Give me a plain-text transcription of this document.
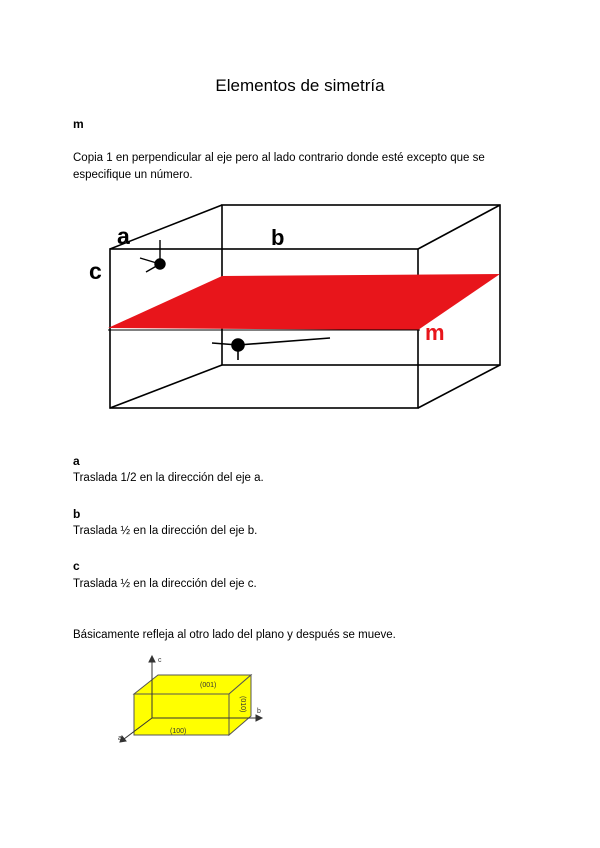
Elementos de simetría
m
Copia 1 en perpendicular al eje pero al lado contrario donde esté excepto que se
especifique un número.
a	b
c
m
c
b
a
(001)
(010)
(100)
a
Traslada 1/2 en la dirección del eje a.
b
Traslada ½ en la dirección del eje b.
c
Traslada ½ en la dirección del eje c.
Básicamente refleja al otro lado del plano y después se mueve.
